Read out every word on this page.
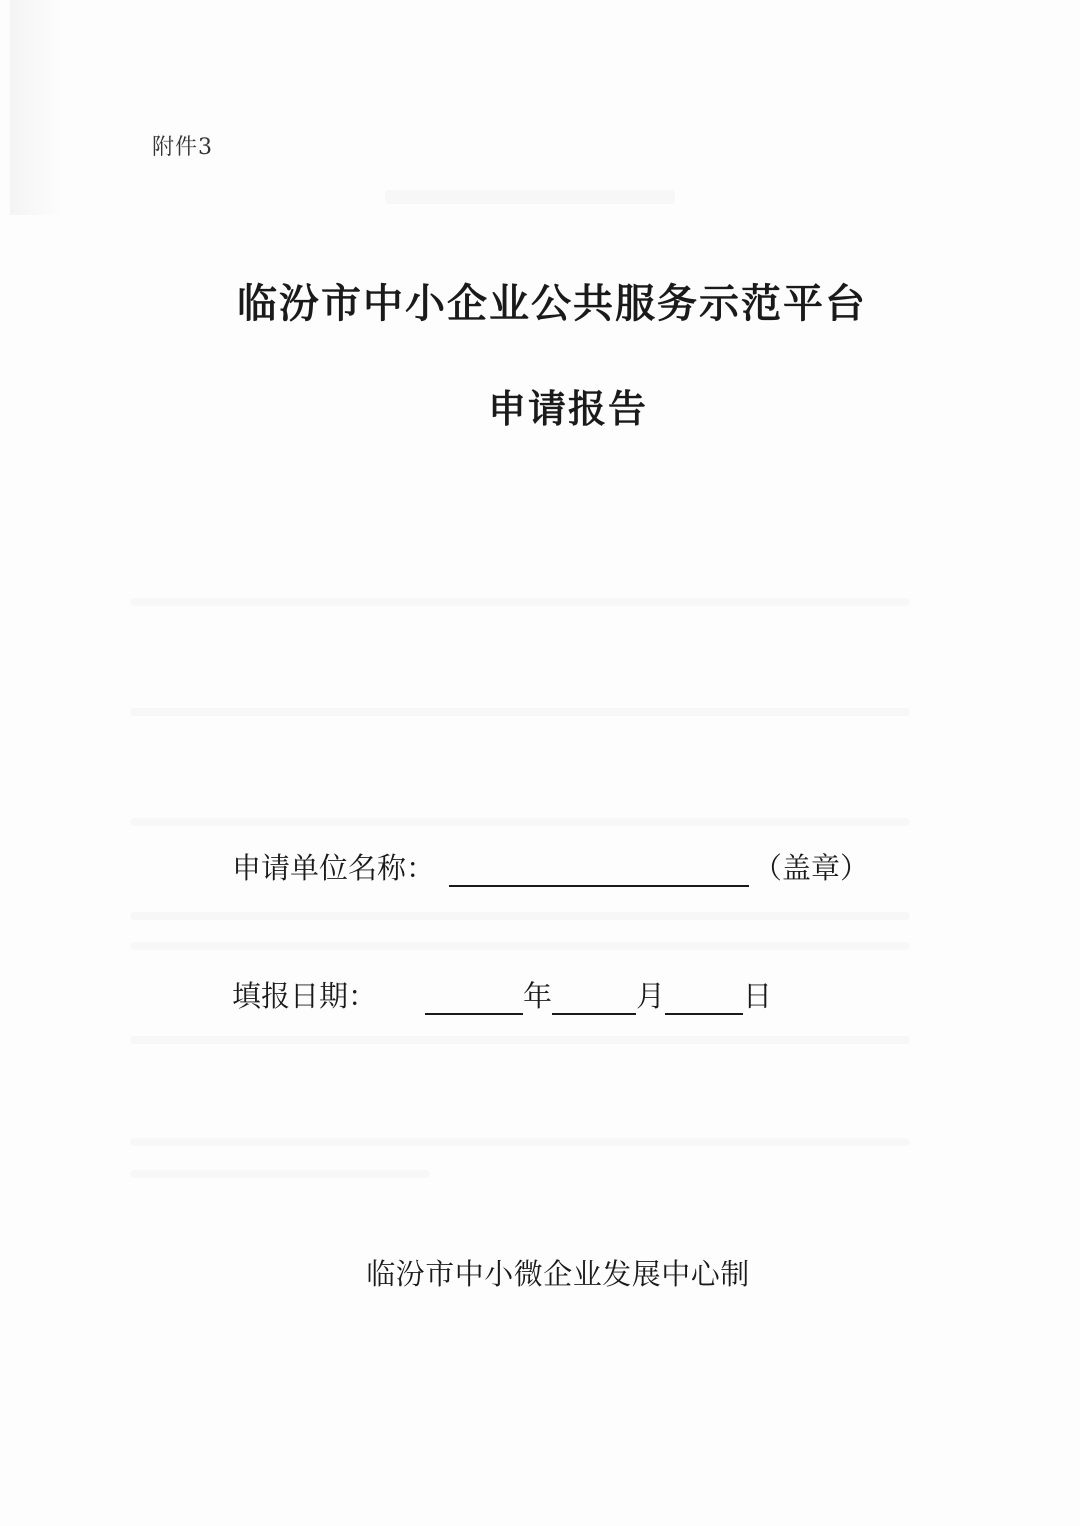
附件3
临汾市中小企业公共服务示范平台
申请报告
申请单位名称：	（盖章）
填报日期：	年	月	日
临汾市中小微企业发展中心制
